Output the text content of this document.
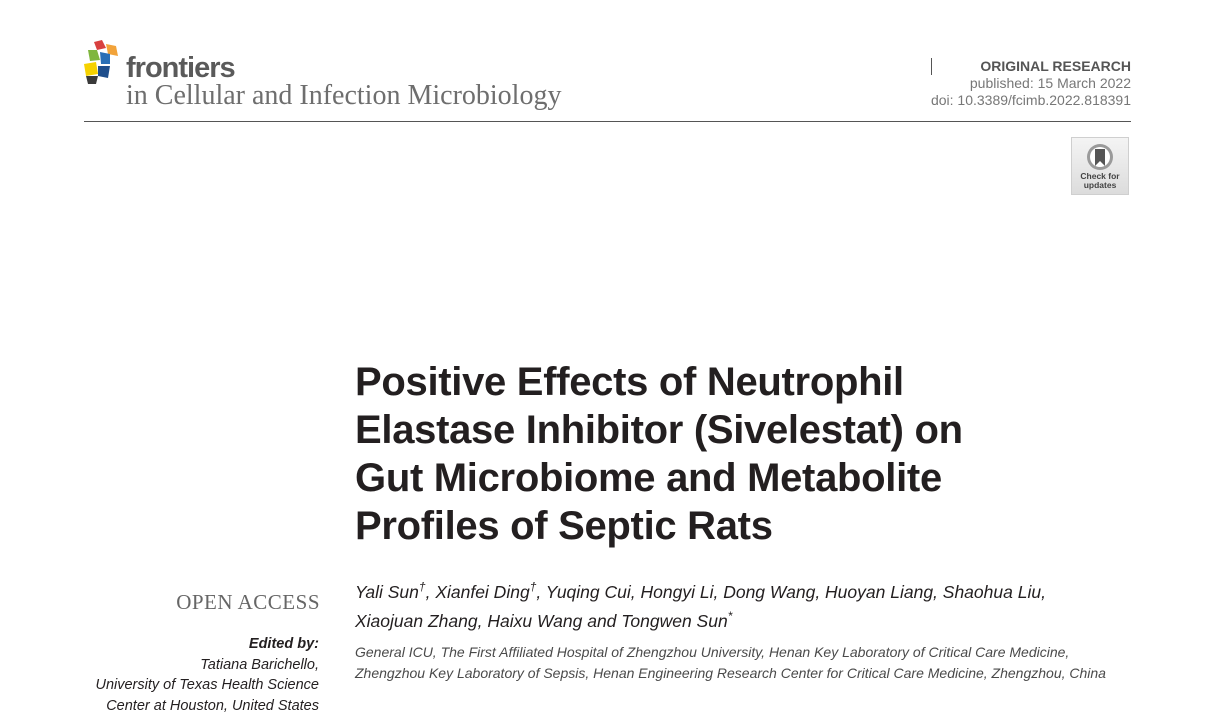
frontiers
in Cellular and Infection Microbiology
ORIGINAL RESEARCH
published: 15 March 2022
doi: 10.3389/fcimb.2022.818391
Check for
updates
Positive Effects of Neutrophil
Elastase Inhibitor (Sivelestat) on
Gut Microbiome and Metabolite
Profiles of Septic Rats
Yali Sun†, Xianfei Ding†, Yuqing Cui, Hongyi Li, Dong Wang, Huoyan Liang, Shaohua Liu,
Xiaojuan Zhang, Haixu Wang and Tongwen Sun*
General ICU, The First Affiliated Hospital of Zhengzhou University, Henan Key Laboratory of Critical Care Medicine,
Zhengzhou Key Laboratory of Sepsis, Henan Engineering Research Center for Critical Care Medicine, Zhengzhou, China
OPEN ACCESS
Edited by:
Tatiana Barichello,
University of Texas Health Science
Center at Houston, United States
